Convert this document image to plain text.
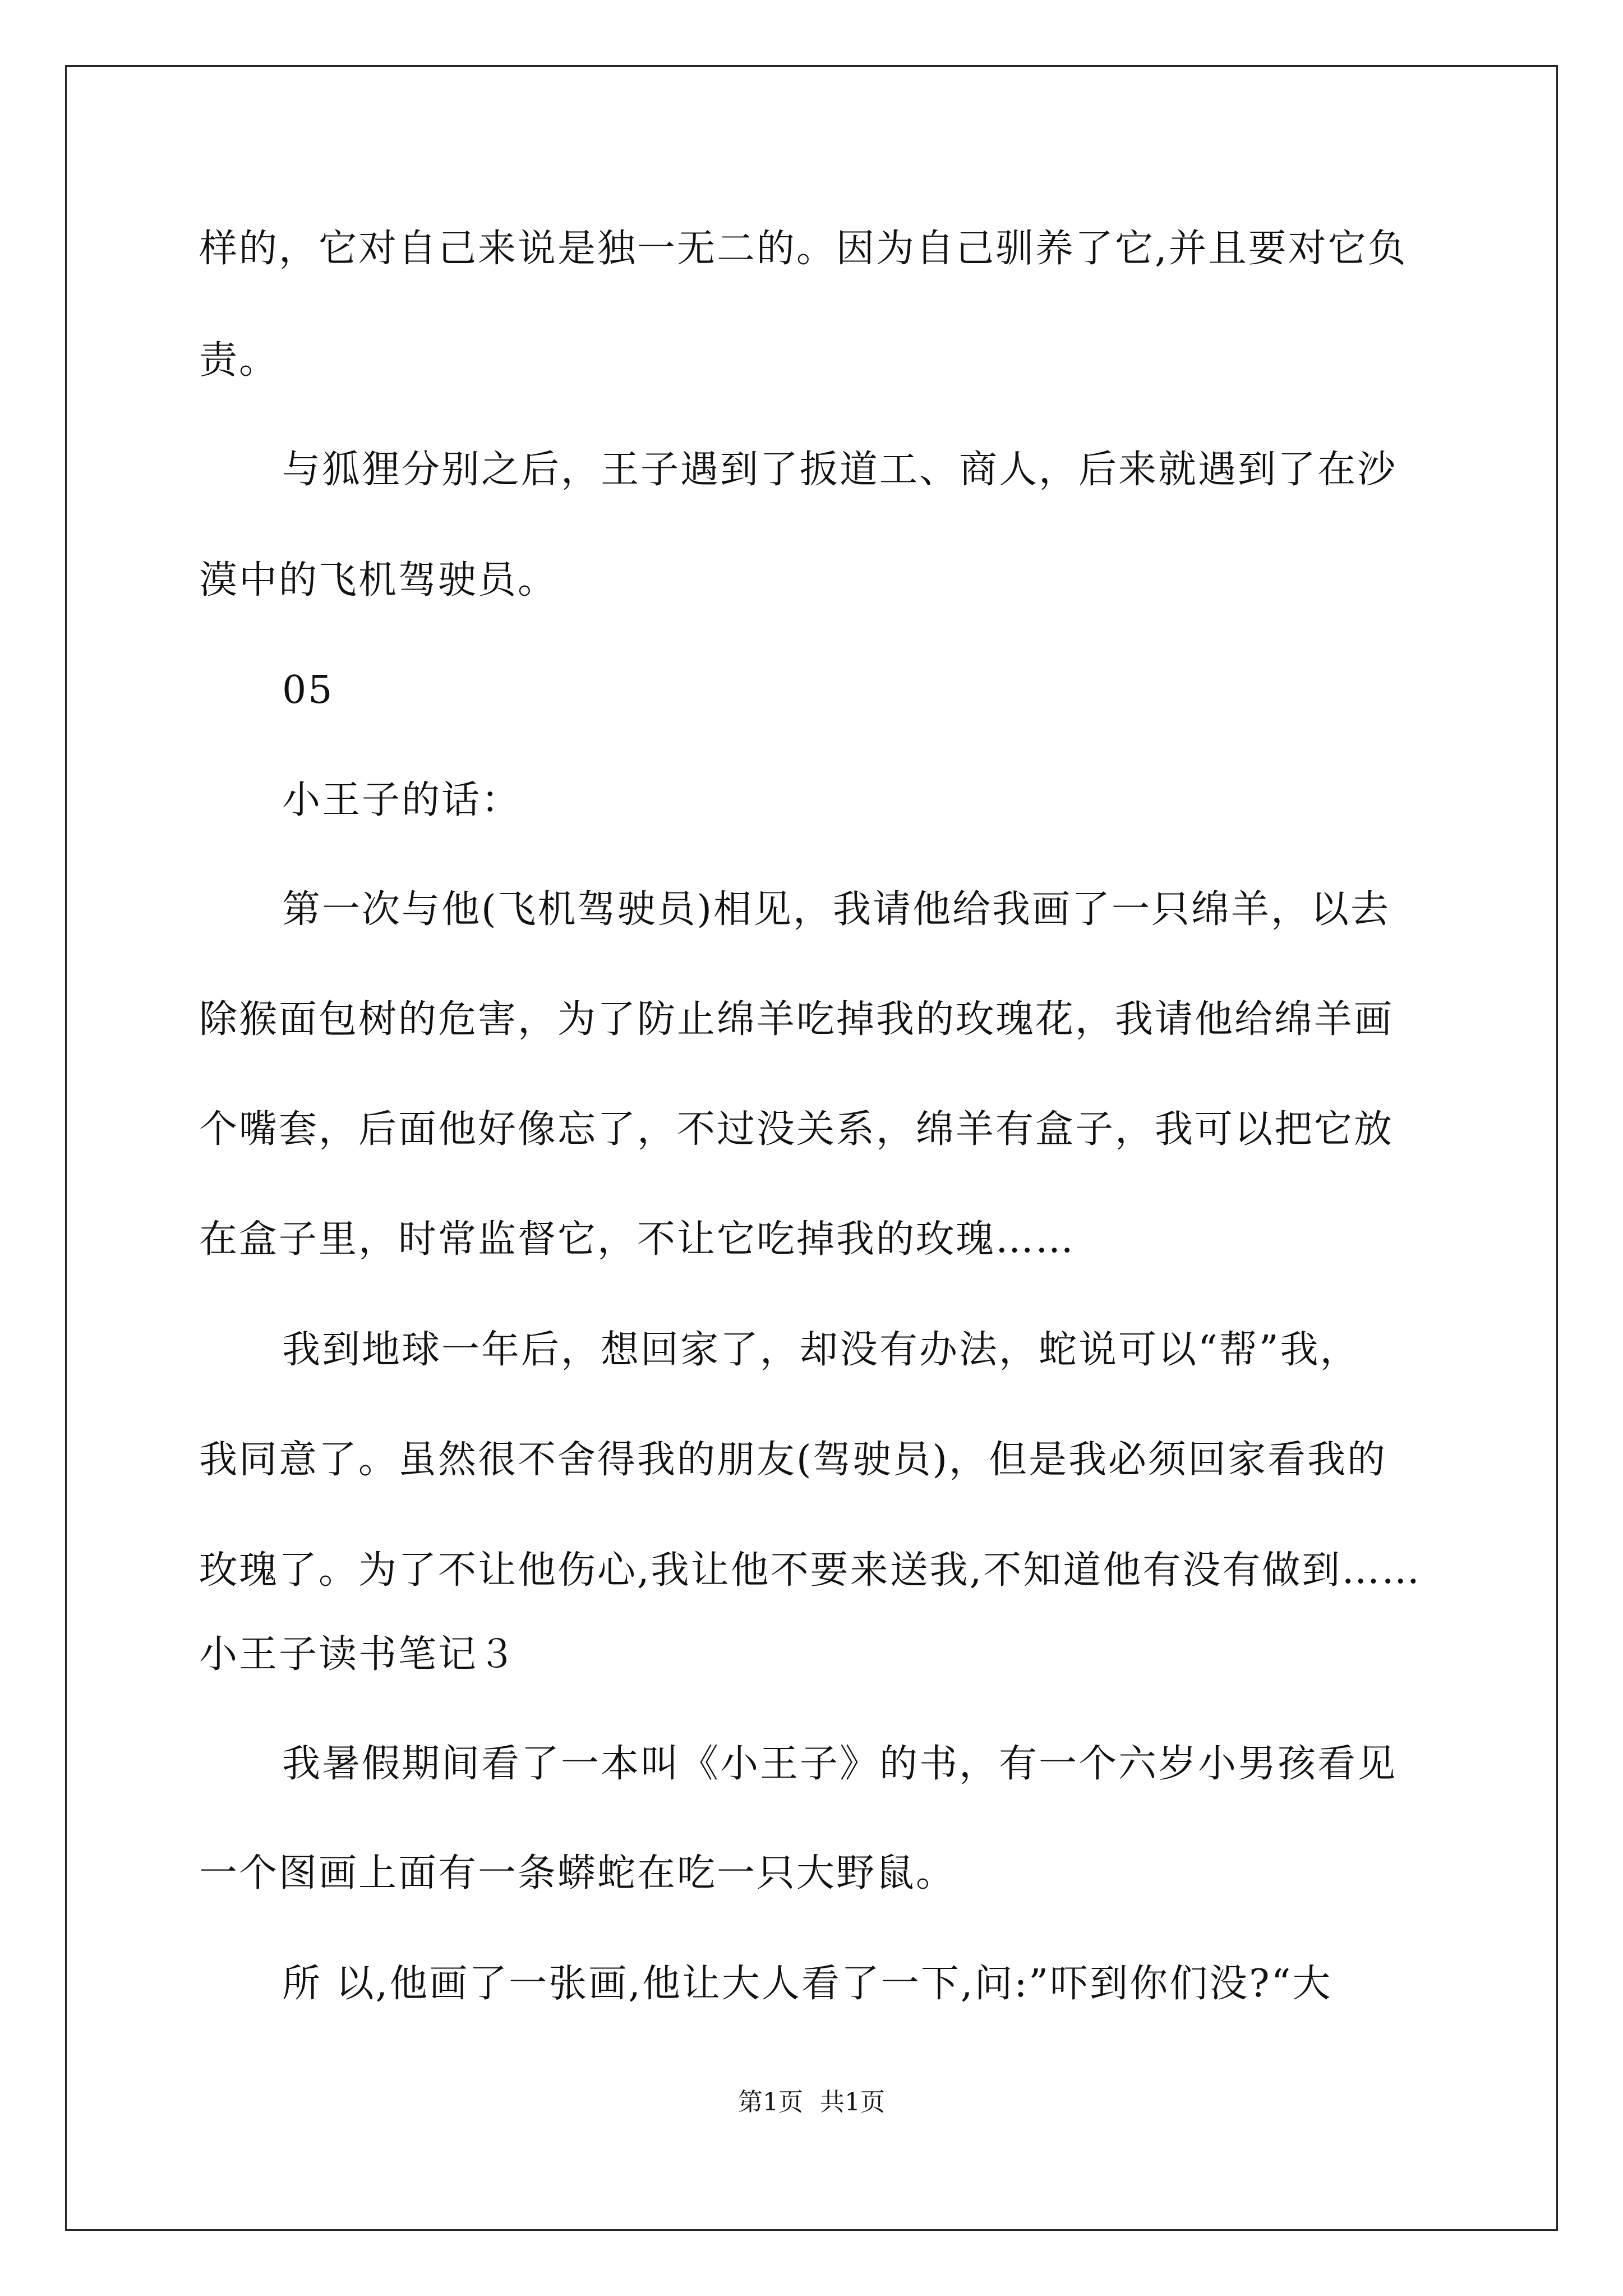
样的，它对自己来说是独一无二的。因为自己驯养了它,并且要对它负
责。
与狐狸分别之后，王子遇到了扳道工、商人，后来就遇到了在沙
漠中的飞机驾驶员。
05
小王子的话：
第一次与他(飞机驾驶员)相见，我请他给我画了一只绵羊，以去
除猴面包树的危害，为了防止绵羊吃掉我的玫瑰花，我请他给绵羊画
个嘴套，后面他好像忘了，不过没关系，绵羊有盒子，我可以把它放
在盒子里，时常监督它，不让它吃掉我的玫瑰……
我到地球一年后，想回家了，却没有办法，蛇说可以“帮”我，
我同意了。虽然很不舍得我的朋友(驾驶员)，但是我必须回家看我的
玫瑰了。为了不让他伤心,我让他不要来送我,不知道他有没有做到……
小王子读书笔记３
我暑假期间看了一本叫《小王子》的书，有一个六岁小男孩看见
一个图画上面有一条蟒蛇在吃一只大野鼠。
所 以,他画了一张画,他让大人看了一下,问:”吓到你们没?“大
第1页 共1页
